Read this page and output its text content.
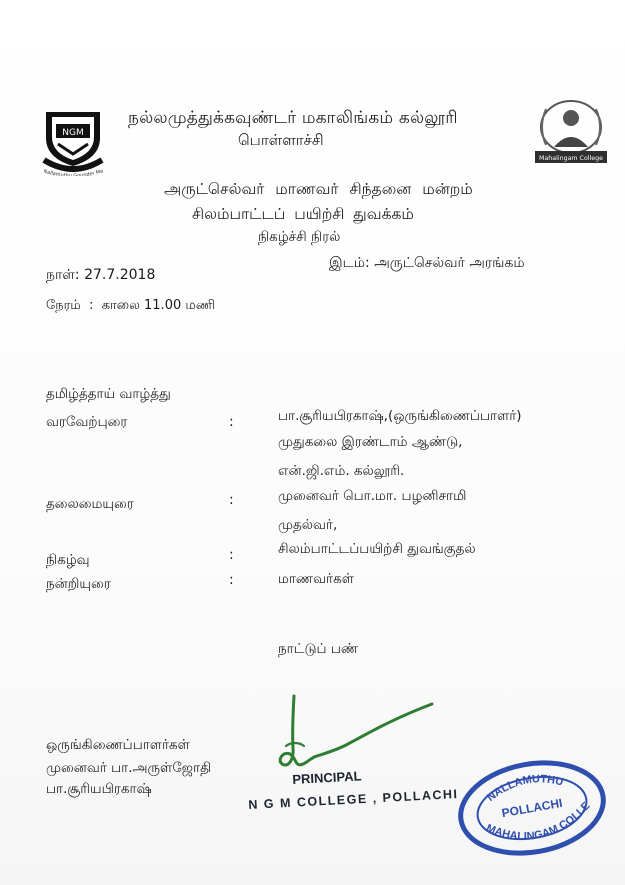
NGM
Nallamuthu Gounder Ma
Mahalingam College
நல்லமுத்துக்கவுண்டர் மகாலிங்கம் கல்லூரி
பொள்ளாச்சி
அருட்செல்வர் மாணவர் சிந்தனை மன்றம்
சிலம்பாட்டப் பயிற்சி துவக்கம்
நிகழ்ச்சி நிரல்
நாள்: 27.7.2018
இடம்: அருட்செல்வர் அரங்கம்
நேரம்  :  காலை 11.00 மணி
தமிழ்த்தாய் வாழ்த்து
வரவேற்புரை	:	பா.சூரியபிரகாஷ்,(ஒருங்கிணைப்பாளர்)
முதுகலை இரண்டாம் ஆண்டு,
என்.ஜி.எம். கல்லூரி.
தலைமையுரை	:	முனைவர் பொ.மா. பழனிசாமி
முதல்வர்,
நிகழ்வு	:	சிலம்பாட்டப்பயிற்சி துவங்குதல்
நன்றியுரை	:	மாணவர்கள்
நாட்டுப் பண்
ஒருங்கிணைப்பாளர்கள்
முனைவர் பா.அருள்ஜோதி
பா.சூரியபிரகாஷ்
PRINCIPAL
N G M COLLEGE , POLLACHI NALLAMUTHU
POLLACHI
MAHALINGAM COLLEGE
